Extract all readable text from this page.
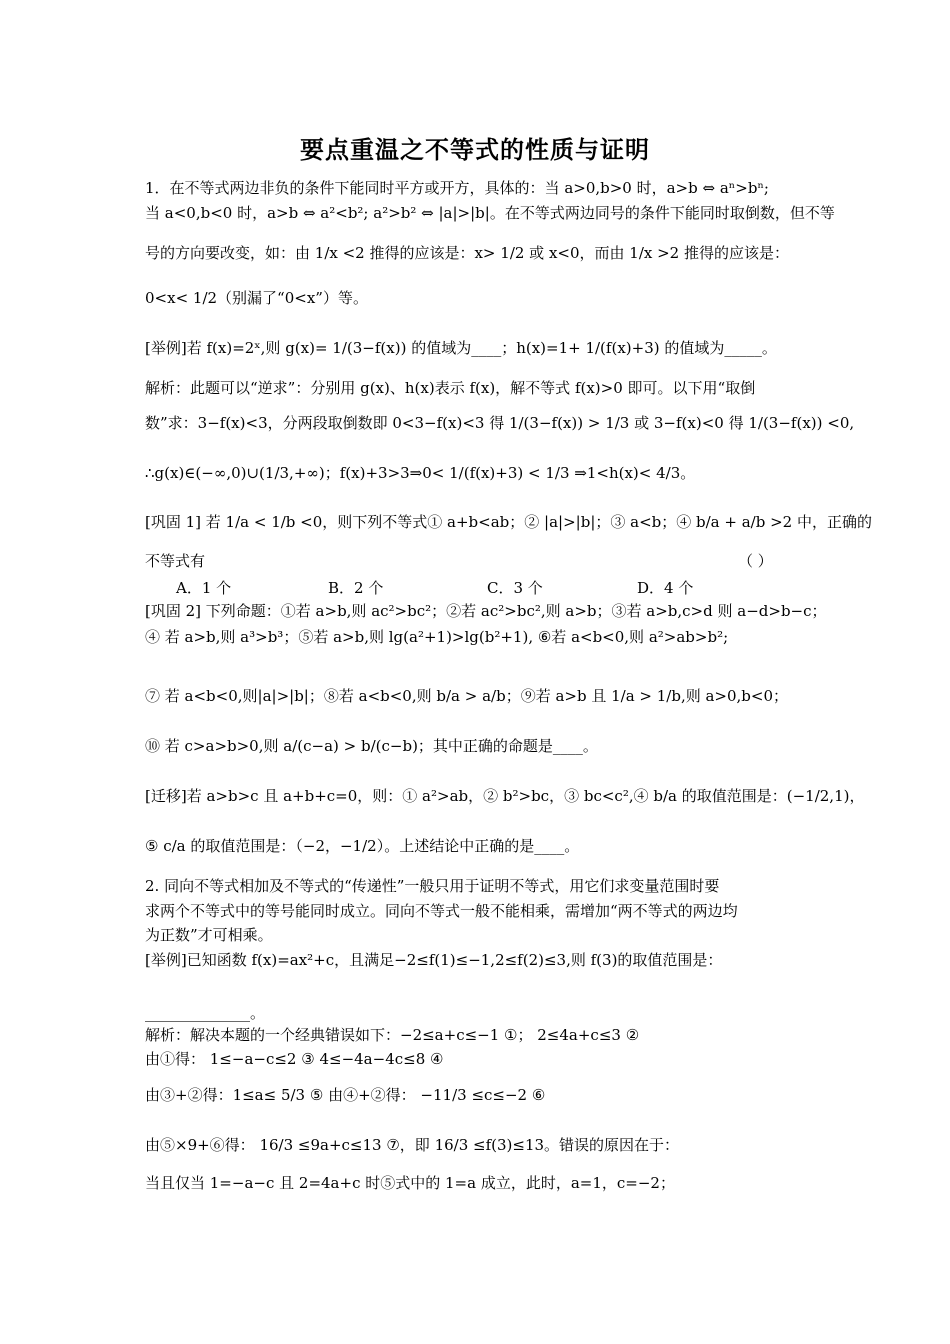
要点重温之不等式的性质与证明
1．在不等式两边非负的条件下能同时平方或开方，具体的：当 a>0,b>0 时，a>b ⇔ aⁿ>bⁿ;
当 a<0,b<0 时，a>b ⇔ a²<b²; a²>b² ⇔ |a|>|b|。在不等式两边同号的条件下能同时取倒数，但不等
号的方向要改变，如：由 1/x <2 推得的应该是：x> 1/2 或 x<0，而由 1/x >2 推得的应该是：
0<x< 1/2（别漏了“0<x”）等。
[举例]若 f(x)=2ˣ,则 g(x)= 1/(3−f(x)) 的值域为____；h(x)=1+ 1/(f(x)+3) 的值域为_____。
解析：此题可以“逆求”：分别用 g(x)、h(x)表示 f(x)，解不等式 f(x)>0 即可。以下用“取倒
数”求：3−f(x)<3，分两段取倒数即 0<3−f(x)<3 得 1/(3−f(x)) > 1/3 或 3−f(x)<0 得 1/(3−f(x)) <0,
∴g(x)∈(−∞,0)∪(1/3,+∞)；f(x)+3>3⇒0< 1/(f(x)+3) < 1/3 ⇒1<h(x)< 4/3。
[巩固 1] 若 1/a < 1/b <0，则下列不等式① a+b<ab；② |a|>|b|；③ a<b；④ b/a + a/b >2 中，正确的
不等式有	（ ）
A．1 个	B．2 个	C．3 个	D．4 个
[巩固 2] 下列命题：①若 a>b,则 ac²>bc²；②若 ac²>bc²,则 a>b；③若 a>b,c>d 则 a−d>b−c；
④ 若 a>b,则 a³>b³；⑤若 a>b,则 lg(a²+1)>lg(b²+1), ⑥若 a<b<0,则 a²>ab>b²;
⑦ 若 a<b<0,则|a|>|b|；⑧若 a<b<0,则 b/a > a/b；⑨若 a>b 且 1/a > 1/b,则 a>0,b<0；
⑩ 若 c>a>b>0,则 a/(c−a) > b/(c−b)；其中正确的命题是____。
[迁移]若 a>b>c 且 a+b+c=0，则：① a²>ab，② b²>bc，③ bc<c²,④ b/a 的取值范围是：(−1/2,1)，
⑤ c/a 的取值范围是：（−2，−1/2）。上述结论中正确的是____。
2. 同向不等式相加及不等式的“传递性”一般只用于证明不等式，用它们求变量范围时要
求两个不等式中的等号能同时成立。同向不等式一般不能相乘，需增加“两不等式的两边均
为正数”才可相乘。
[举例]已知函数 f(x)=ax²+c，且满足−2≤f(1)≤−1,2≤f(2)≤3,则 f(3)的取值范围是：
______________。
解析：解决本题的一个经典错误如下：−2≤a+c≤−1 ①； 2≤4a+c≤3 ②
由①得： 1≤−a−c≤2 ③ 4≤−4a−4c≤8 ④
由③+②得：1≤a≤ 5/3 ⑤ 由④+②得： −11/3 ≤c≤−2 ⑥
由⑤×9+⑥得： 16/3 ≤9a+c≤13 ⑦，即 16/3 ≤f(3)≤13。错误的原因在于：
当且仅当 1=−a−c 且 2=4a+c 时⑤式中的 1=a 成立，此时，a=1，c=−2；
